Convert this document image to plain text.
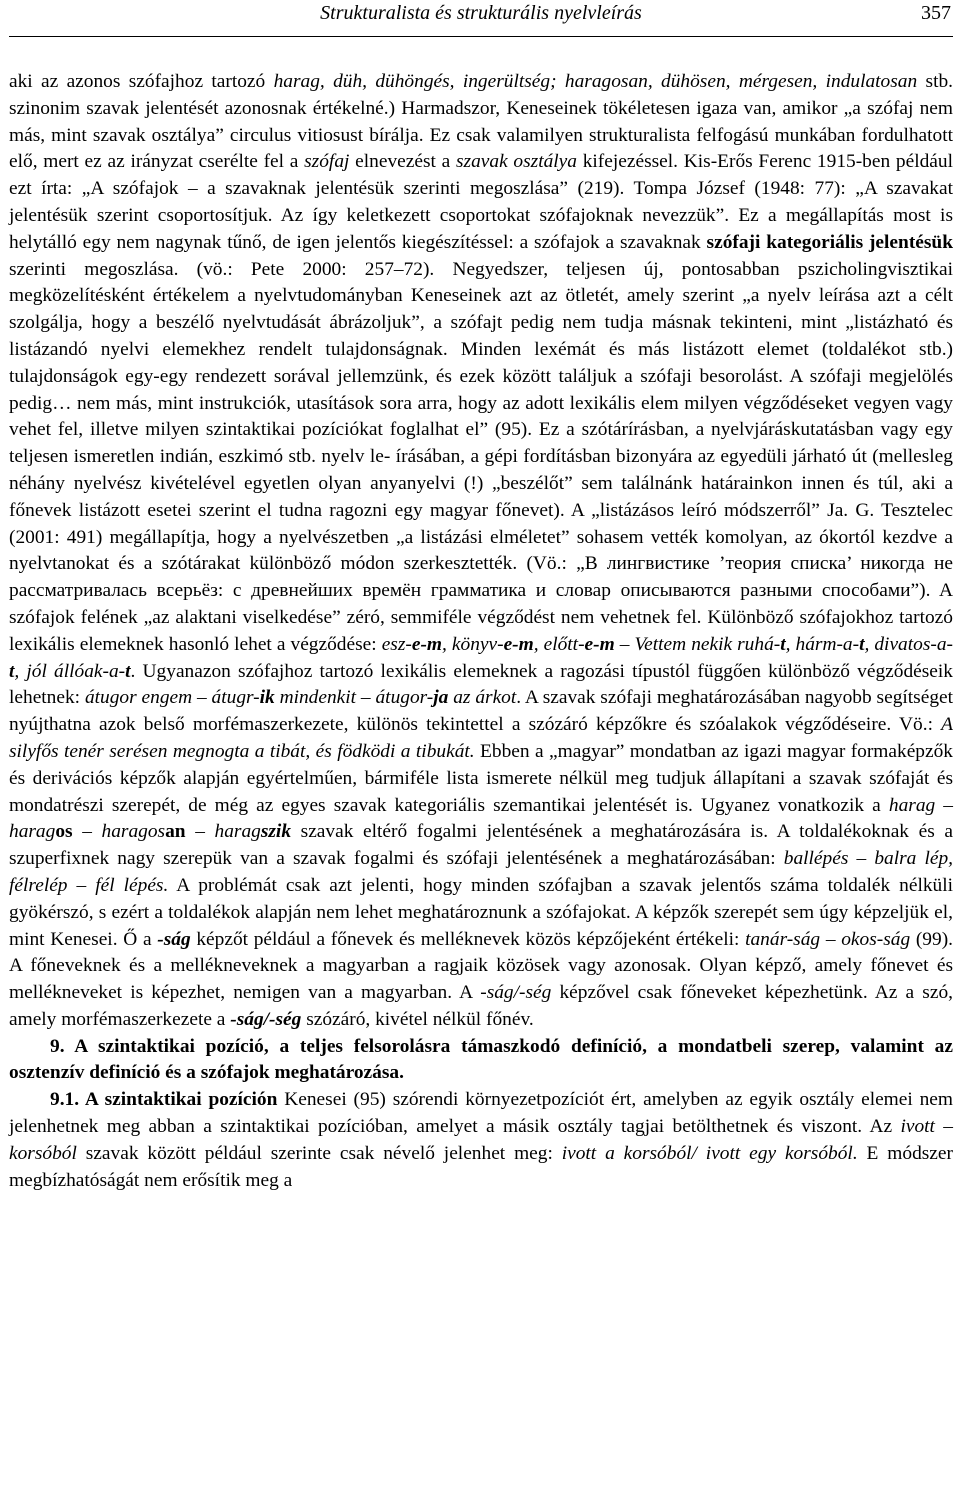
Strukturalista és strukturális nyelvleírás	357

aki az azonos szófajhoz tartozó harag, düh, dühöngés, ingerültség; haragosan, dühösen, mérgesen, indulatosan stb. szinonim szavak jelentését azonosnak értékelné.) Harmadszor, Keneseinek tökéletesen igaza van, amikor „a szófaj nem más, mint szavak osztálya” circulus vitiosust bírálja. Ez csak valamilyen strukturalista felfogású munkában fordulhatott elő, mert ez az irányzat cserélte fel a szófaj elnevezést a szavak osztálya kifejezéssel. Kis-Erős Ferenc 1915-ben például ezt írta: „A szófajok – a szavaknak jelentésük szerinti megoszlása” (219). Tompa József (1948: 77): „A szavakat jelentésük szerint csoportosítjuk. Az így keletkezett csoportokat szófajoknak nevezzük”. Ez a megállapítás most is helytálló egy nem nagynak tűnő, de igen jelentős kiegészítéssel: a szófajok a szavaknak szófaji kategoriális jelentésük szerinti megoszlása. (vö.: Pete 2000: 257–72). Negyedszer, teljesen új, pontosabban pszicholingvisztikai megközelítésként értékelem a nyelvtudományban Keneseinek azt az ötletét, amely szerint „a nyelv leírása azt a célt szolgálja, hogy a beszélő nyelvtudását ábrázoljuk”, a szófajt pedig nem tudja másnak tekinteni, mint „listázható és listázandó nyelvi elemekhez rendelt tulajdonságnak. Minden lexémát és más listázott elemet (toldalékot stb.) tulajdonságok egy-egy rendezett sorával jellemzünk, és ezek között találjuk a szófaji besorolást. A szófaji megjelölés pedig… nem más, mint instrukciók, utasítások sora arra, hogy az adott lexikális elem milyen végződéseket vegyen vagy vehet fel, illetve milyen szintaktikai pozíciókat foglalhat el” (95). Ez a szótárírásban, a nyelvjáráskutatásban vagy egy teljesen ismeretlen indián, eszkimó stb. nyelv le- írásában, a gépi fordításban bizonyára az egyedüli járható út (mellesleg néhány nyelvész kivételével egyetlen olyan anyanyelvi (!) „beszélőt” sem találnánk határainkon innen és túl, aki a főnevek listázott esetei szerint el tudna ragozni egy magyar főnevet). A „listázásos leíró módszerről” Ja. G. Tesztelec (2001: 491) megállapítja, hogy a nyelvészetben „a listázási elméletet” sohasem vették komolyan, az ókortól kezdve a nyelvtanokat és a szótárakat különböző módon szerkesztették. (Vö.: „В лингвистике ’теория списка’ никогда не рассматривалась всерьёз: с древнейших времён грамматика и словар описываются разными способами”). A szófajok felének „az alaktani viselkedése” zéró, semmiféle végződést nem vehetnek fel. Különböző szófajokhoz tartozó lexikális elemeknek hasonló lehet a végződése: esz-e-m, könyv-e-m, előtt-e-m – Vettem nekik ruhá-t, hárm-a-t, divatos-a-t, jól állóak-a-t. Ugyanazon szófajhoz tartozó lexikális elemeknek a ragozási típustól függően különböző végződéseik lehetnek: átugor engem – átugr-ik mindenkit – átugor-ja az árkot. A szavak szófaji meghatározásában nagyobb segítséget nyújthatna azok belső morfémaszerkezete, különös tekintettel a szózáró képzőkre és szóalakok végződéseire. Vö.: A silyfős tenér serésen megnogta a tibát, és födködi a tibukát. Ebben a „magyar” mondatban az igazi magyar formaképzők és derivációs képzők alapján egyértelműen, bármiféle lista ismerete nélkül meg tudjuk állapítani a szavak szófaját és mondatrészi szerepét, de még az egyes szavak kategoriális szemantikai jelentését is. Ugyanez vonatkozik a harag – haragos – haragosan – haragszik szavak eltérő fogalmi jelentésének a meghatározására is. A toldalékoknak és a szuperfixnek nagy szerepük van a szavak fogalmi és szófaji jelentésének a meghatározásában: ballépés – balra lép, félrelép – fél lépés. A problémát csak azt jelenti, hogy minden szófajban a szavak jelentős száma toldalék nélküli gyökérszó, s ezért a toldalékok alapján nem lehet meghatároznunk a szófajokat. A képzők szerepét sem úgy képzeljük el, mint Kenesei. Ő a -ság képzőt például a főnevek és melléknevek közös képzőjeként értékeli: tanár-ság – okos-ság (99). A főneveknek és a mellékneveknek a magyarban a ragjaik közösek vagy azonosak. Olyan képző, amely főnevet és mellékneveket is képezhet, nemigen van a magyarban. A -ság/-ség képzővel csak főneveket képezhetünk. Az a szó, amely morfémaszerkezete a -ság/-ség szózáró, kivétel nélkül főnév.

9. A szintaktikai pozíció, a teljes felsorolásra támaszkodó definíció, a mondatbeli szerep, valamint az osztenzív definíció és a szófajok meghatározása.

9.1. A szintaktikai pozíción Kenesei (95) szórendi környezetpozíciót ért, amelyben az egyik osztály elemei nem jelenhetnek meg abban a szintaktikai pozícióban, amelyet a másik osztály tagjai betölthetnek és viszont. Az ivott – korsóból szavak között például szerinte csak névelő jelenhet meg: ivott a korsóból/ ivott egy korsóból. E módszer megbízhatóságát nem erősítik meg a
